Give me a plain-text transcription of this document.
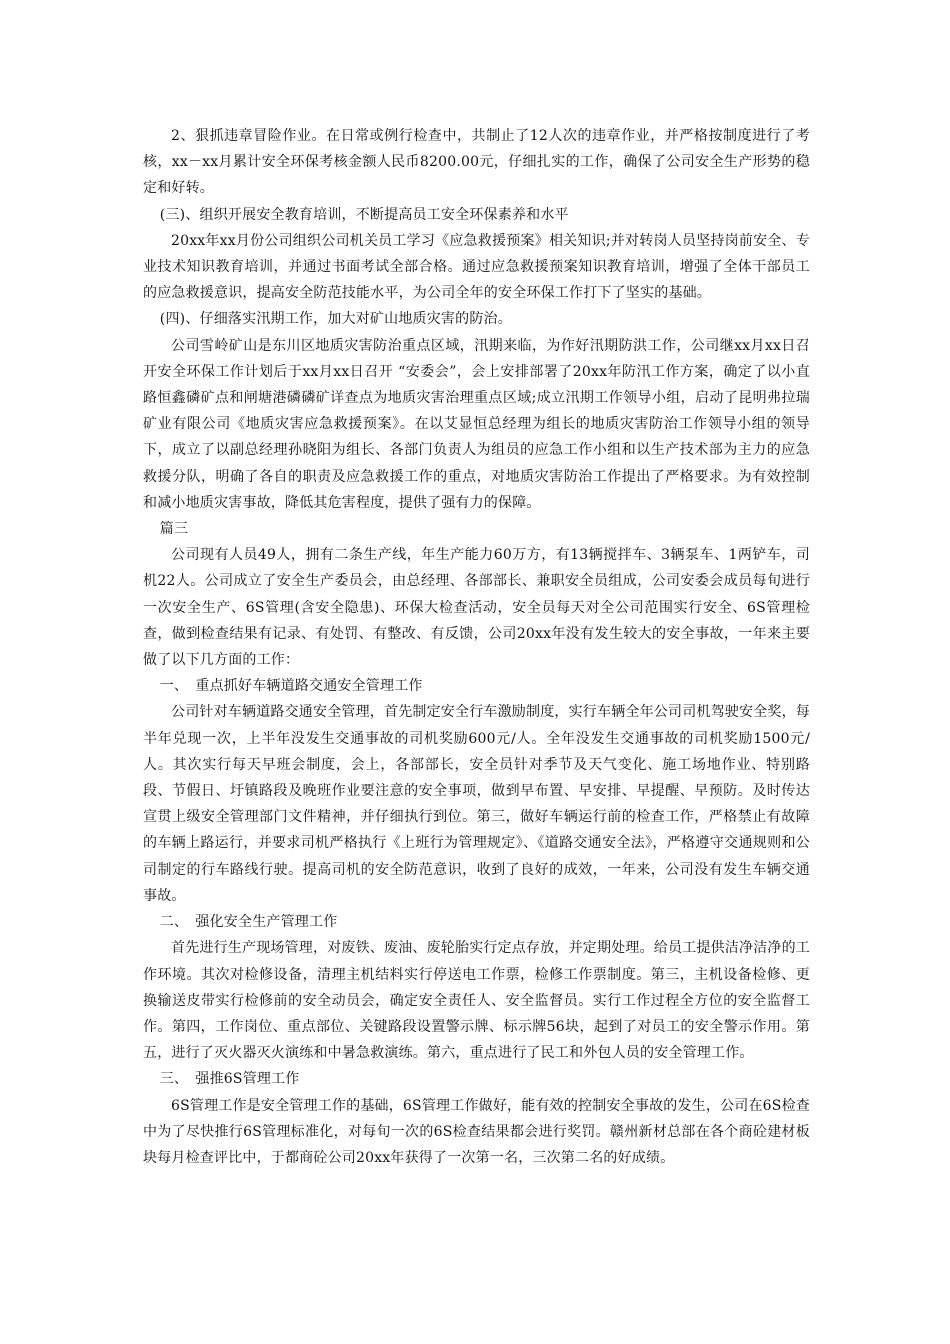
2、狠抓违章冒险作业。在日常或例行检查中，共制止了12人次的违章作业，并严格按制度进行了考核，xx－xx月累计安全环保考核金额人民币8200.00元，仔细扎实的工作，确保了公司安全生产形势的稳定和好转。

(三)、组织开展安全教育培训，不断提高员工安全环保素养和水平

20xx年xx月份公司组织公司机关员工学习《应急救援预案》相关知识;并对转岗人员坚持岗前安全、专业技术知识教育培训，并通过书面考试全部合格。通过应急救援预案知识教育培训，增强了全体干部员工的应急救援意识，提高安全防范技能水平，为公司全年的安全环保工作打下了坚实的基础。

(四)、仔细落实汛期工作，加大对矿山地质灾害的防治。

公司雪岭矿山是东川区地质灾害防治重点区域，汛期来临，为作好汛期防洪工作，公司继xx月xx日召开安全环保工作计划后于xx月xx日召开 “安委会”，会上安排部署了20xx年防汛工作方案，确定了以小直路恒鑫磷矿点和闸塘港磷磷矿详查点为地质灾害治理重点区域;成立汛期工作领导小组，启动了昆明弗拉瑞矿业有限公司《地质灾害应急救援预案》。在以艾显恒总经理为组长的地质灾害防治工作领导小组的领导下，成立了以副总经理孙晓阳为组长、各部门负责人为组员的应急工作小组和以生产技术部为主力的应急救援分队，明确了各自的职责及应急救援工作的重点，对地质灾害防治工作提出了严格要求。为有效控制和减小地质灾害事故，降低其危害程度，提供了强有力的保障。

篇三

公司现有人员49人，拥有二条生产线，年生产能力60万方，有13辆搅拌车、3辆泵车、1两铲车，司机22人。公司成立了安全生产委员会，由总经理、各部部长、兼职安全员组成，公司安委会成员每旬进行一次安全生产、6S管理(含安全隐患)、环保大检查活动，安全员每天对全公司范围实行安全、6S管理检查，做到检查结果有记录、有处罚、有整改、有反馈，公司20xx年没有发生较大的安全事故，一年来主要做了以下几方面的工作：

一、　重点抓好车辆道路交通安全管理工作

公司针对车辆道路交通安全管理，首先制定安全行车激励制度，实行车辆全年公司司机驾驶安全奖，每半年兑现一次，上半年没发生交通事故的司机奖励600元/人。全年没发生交通事故的司机奖励1500元/人。其次实行每天早班会制度，会上，各部部长，安全员针对季节及天气变化、施工场地作业、特别路段、节假日、圩镇路段及晚班作业要注意的安全事项，做到早布置、早安排、早提醒、早预防。及时传达宣贯上级安全管理部门文件精神，并仔细执行到位。第三，做好车辆运行前的检查工作，严格禁止有故障的车辆上路运行，并要求司机严格执行《上班行为管理规定》、《道路交通安全法》，严格遵守交通规则和公司制定的行车路线行驶。提高司机的安全防范意识，收到了良好的成效，一年来，公司没有发生车辆交通事故。

二、　强化安全生产管理工作

首先进行生产现场管理，对废铁、废油、废轮胎实行定点存放，并定期处理。给员工提供洁净洁净的工作环境。其次对检修设备，清理主机结料实行停送电工作票，检修工作票制度。第三，主机设备检修、更换输送皮带实行检修前的安全动员会，确定安全责任人、安全监督员。实行工作过程全方位的安全监督工作。第四，工作岗位、重点部位、关键路段设置警示牌、标示牌56块，起到了对员工的安全警示作用。第五，进行了灭火器灭火演练和中暑急救演练。第六，重点进行了民工和外包人员的安全管理工作。

三、　强推6S管理工作

6S管理工作是安全管理工作的基础，6S管理工作做好，能有效的控制安全事故的发生，公司在6S检查中为了尽快推行6S管理标准化，对每旬一次的6S检查结果都会进行奖罚。赣州新材总部在各个商砼建材板块每月检查评比中，于都商砼公司20xx年获得了一次第一名，三次第二名的好成绩。
